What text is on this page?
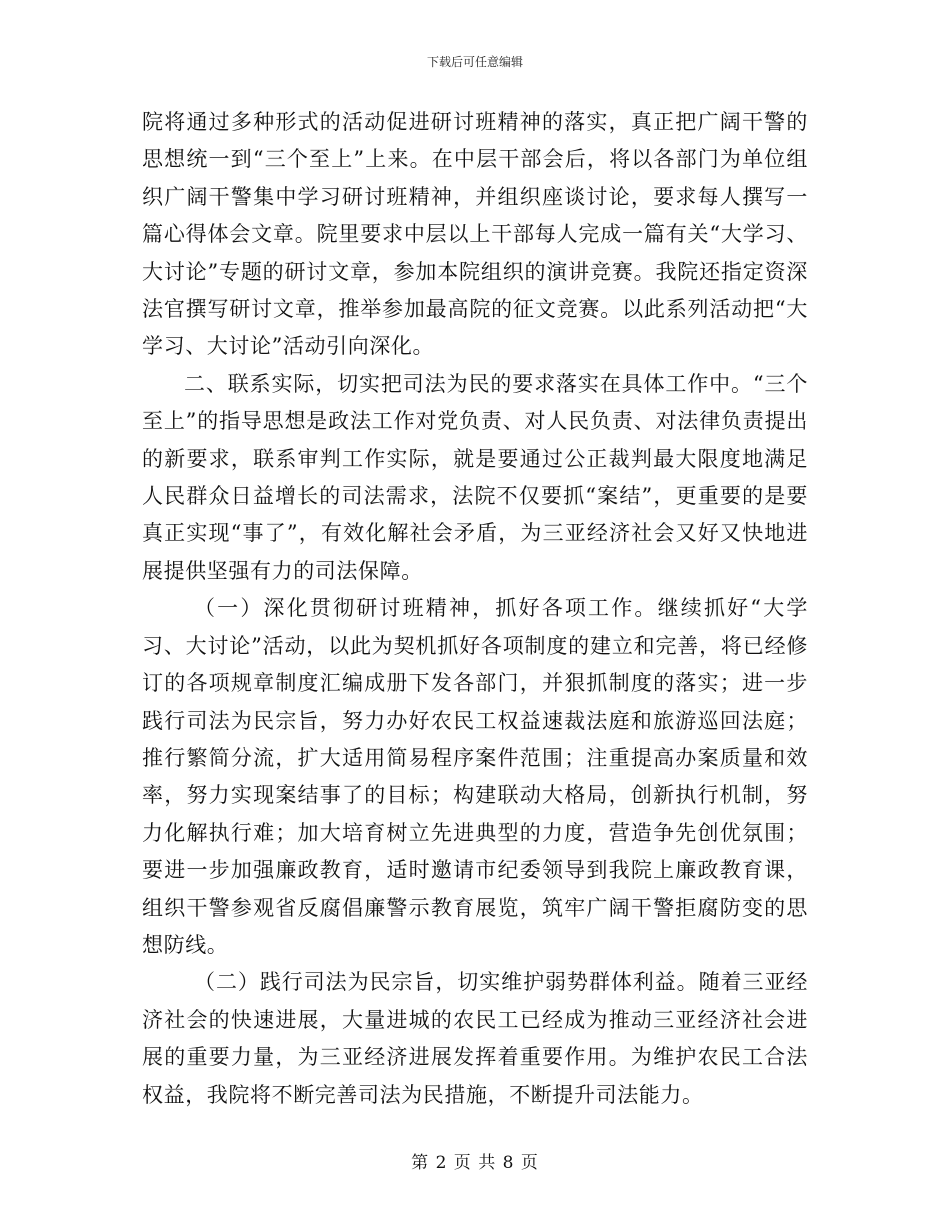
下载后可任意编辑

院将通过多种形式的活动促进研讨班精神的落实，真正把广阔干警的思想统一到“三个至上”上来。在中层干部会后，将以各部门为单位组织广阔干警集中学习研讨班精神，并组织座谈讨论，要求每人撰写一篇心得体会文章。院里要求中层以上干部每人完成一篇有关“大学习、大讨论”专题的研讨文章，参加本院组织的演讲竞赛。我院还指定资深法官撰写研讨文章，推举参加最高院的征文竞赛。以此系列活动把“大学习、大讨论”活动引向深化。

二、联系实际，切实把司法为民的要求落实在具体工作中。“三个至上”的指导思想是政法工作对党负责、对人民负责、对法律负责提出的新要求，联系审判工作实际，就是要通过公正裁判最大限度地满足人民群众日益增长的司法需求，法院不仅要抓“案结”，更重要的是要真正实现“事了”，有效化解社会矛盾，为三亚经济社会又好又快地进展提供坚强有力的司法保障。

（一）深化贯彻研讨班精神，抓好各项工作。继续抓好“大学习、大讨论”活动，以此为契机抓好各项制度的建立和完善，将已经修订的各项规章制度汇编成册下发各部门，并狠抓制度的落实；进一步践行司法为民宗旨，努力办好农民工权益速裁法庭和旅游巡回法庭；推行繁简分流，扩大适用简易程序案件范围；注重提高办案质量和效率，努力实现案结事了的目标；构建联动大格局，创新执行机制，努力化解执行难；加大培育树立先进典型的力度，营造争先创优氛围；要进一步加强廉政教育，适时邀请市纪委领导到我院上廉政教育课，组织干警参观省反腐倡廉警示教育展览，筑牢广阔干警拒腐防变的思想防线。

（二）践行司法为民宗旨，切实维护弱势群体利益。随着三亚经济社会的快速进展，大量进城的农民工已经成为推动三亚经济社会进展的重要力量，为三亚经济进展发挥着重要作用。为维护农民工合法权益，我院将不断完善司法为民措施，不断提升司法能力。

第 2 页 共 8 页
